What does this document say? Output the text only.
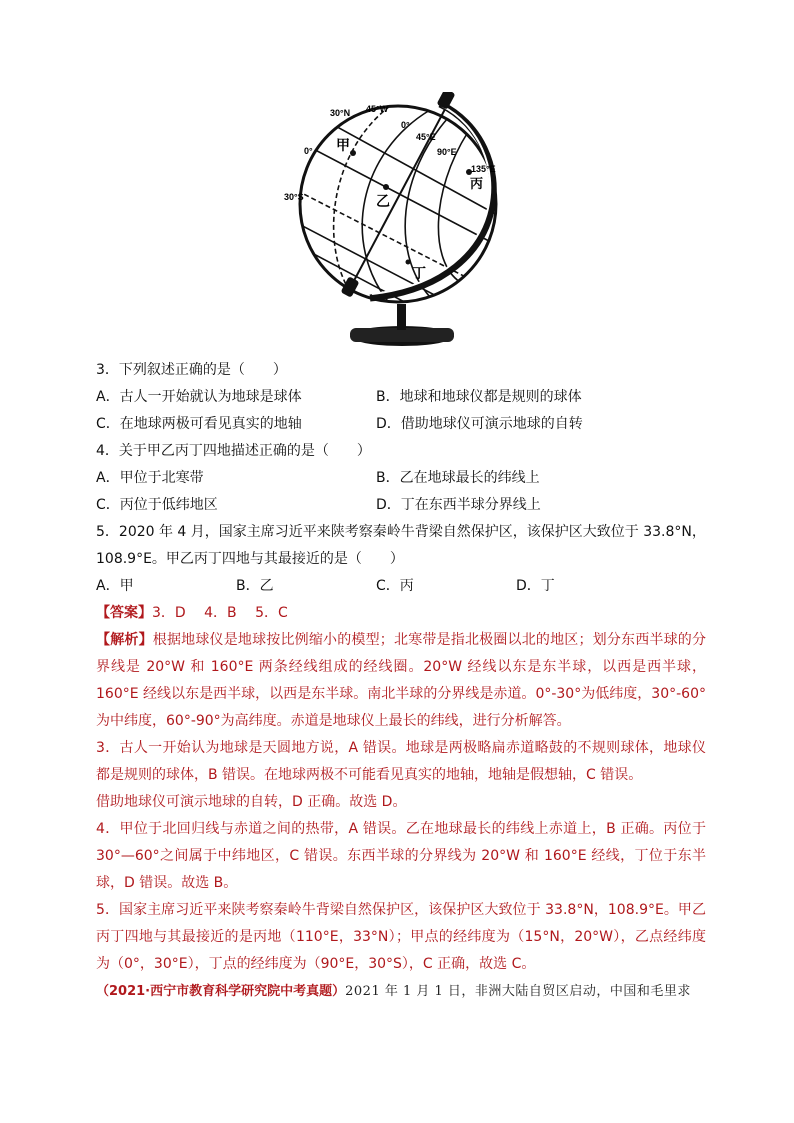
30°N 45°W
0°
45°E
90°E
135°E
0°
30°S
甲
乙
丙
丁
3．下列叙述正确的是（　　）
A．古人一开始就认为地球是球体	B．地球和地球仪都是规则的球体
C．在地球两极可看见真实的地轴	D．借助地球仪可演示地球的自转
4．关于甲乙丙丁四地描述正确的是（　　）
A．甲位于北寒带	B．乙在地球最长的纬线上
C．丙位于低纬地区	D．丁在东西半球分界线上
5．2020 年 4 月，国家主席习近平来陕考察秦岭牛背梁自然保护区，该保护区大致位于 33.8°N，
108.9°E。甲乙丙丁四地与其最接近的是（　　）
A．甲	B．乙	C．丙	D．丁
【答案】3．D　 4．B　 5．C
【解析】根据地球仪是地球按比例缩小的模型；北寒带是指北极圈以北的地区；划分东西半球的分界线是 20°W 和 160°E 两条经线组成的经线圈。20°W 经线以东是东半球，以西是西半球，160°E 经线以东是西半球，以西是东半球。南北半球的分界线是赤道。0°-30°为低纬度，30°-60°为中纬度，60°-90°为高纬度。赤道是地球仪上最长的纬线，进行分析解答。
3．古人一开始认为地球是天圆地方说，A 错误。地球是两极略扁赤道略鼓的不规则球体，地球仪都是规则的球体，B 错误。在地球两极不可能看见真实的地轴，地轴是假想轴，C 错误。
借助地球仪可演示地球的自转，D 正确。故选 D。
4．甲位于北回归线与赤道之间的热带，A 错误。乙在地球最长的纬线上赤道上，B 正确。丙位于 30°—60°之间属于中纬地区，C 错误。东西半球的分界线为 20°W 和 160°E 经线，丁位于东半球，D 错误。故选 B。
5．国家主席习近平来陕考察秦岭牛背梁自然保护区，该保护区大致位于 33.8°N，108.9°E。甲乙丙丁四地与其最接近的是丙地（110°E，33°N）；甲点的经纬度为（15°N，20°W），乙点经纬度为（0°，30°E），丁点的经纬度为（90°E，30°S），C 正确，故选 C。
（2021·西宁市教育科学研究院中考真题）2021 年 1 月 1 日，非洲大陆自贸区启动，中国和毛里求
